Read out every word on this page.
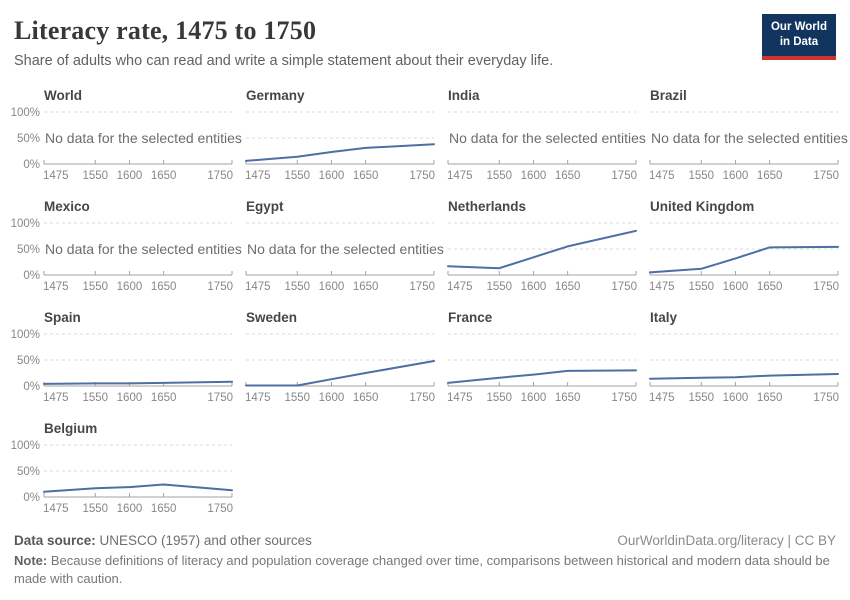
Literacy rate, 1475 to 1750
Share of adults who can read and write a simple statement about their everyday life.
Our World
in Data
World
1475 1550 1600 1650	1750
0%
50%
100%
No data for the selected entities
Germany
1475 1550 1600 1650	1750
India
1475 1550 1600 1650	1750
No data for the selected entities
Brazil
1475 1550 1600 1650	1750
No data for the selected entities
Mexico
1475 1550 1600 1650	1750
0%
50%
100%
No data for the selected entities
Egypt
1475 1550 1600 1650	1750
No data for the selected entities
Netherlands
1475 1550 1600 1650	1750
United Kingdom
1475 1550 1600 1650	1750
Spain
1475 1550 1600 1650	1750
0%
50%
100%
Sweden
1475 1550 1600 1650	1750
France
1475 1550 1600 1650	1750
Italy
1475 1550 1600 1650	1750
Belgium
1475 1550 1600 1650	1750
0%
50%
100%
Data source: UNESCO (1957) and other sources	OurWorldinData.org/literacy | CC BY
Note: Because definitions of literacy and population coverage changed over time, comparisons between historical and modern data should be made with caution.
